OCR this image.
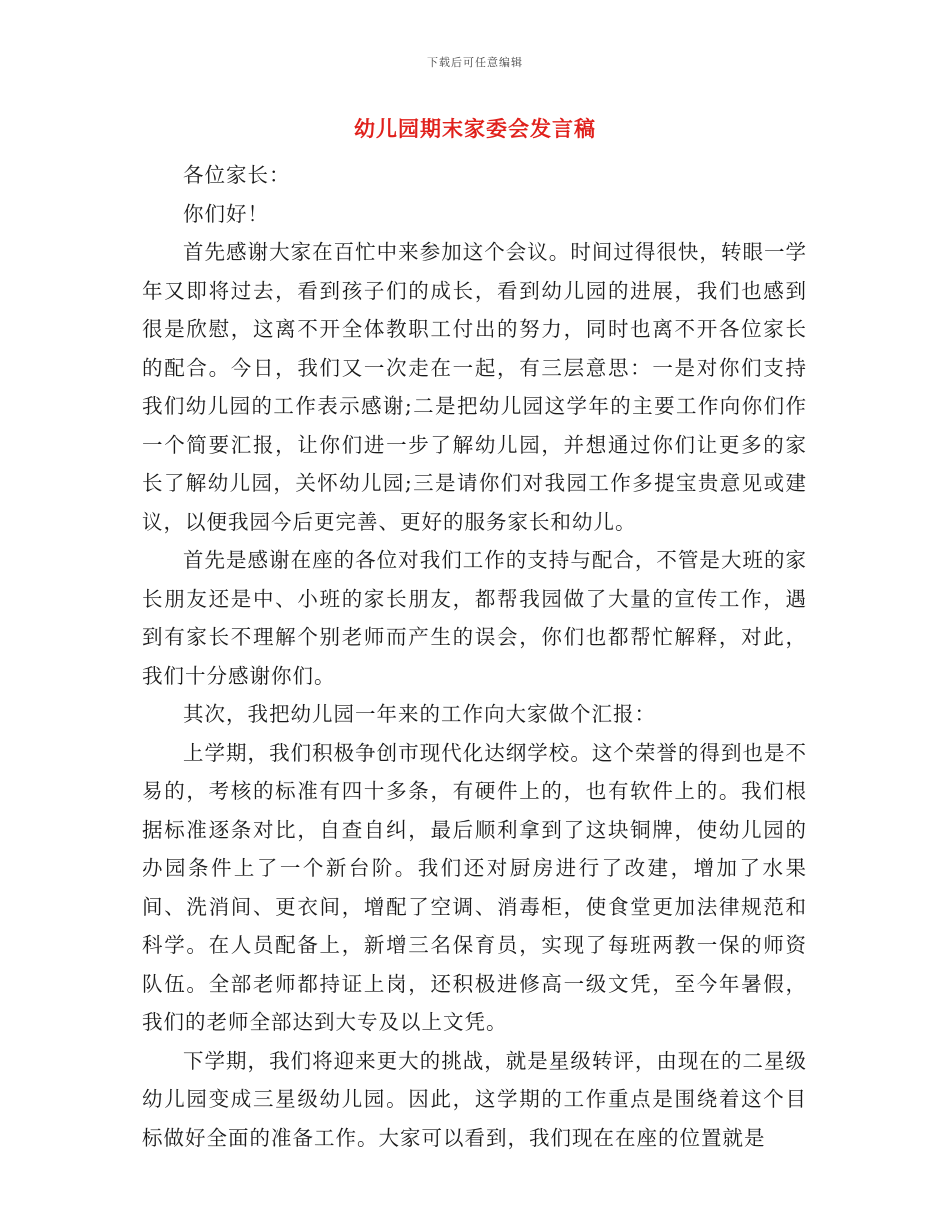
下载后可任意编辑
幼儿园期末家委会发言稿

各位家长：

你们好！

首先感谢大家在百忙中来参加这个会议。时间过得很快，转眼一学年又即将过去，看到孩子们的成长，看到幼儿园的进展，我们也感到很是欣慰，这离不开全体教职工付出的努力，同时也离不开各位家长的配合。今日，我们又一次走在一起，有三层意思：一是对你们支持我们幼儿园的工作表示感谢;二是把幼儿园这学年的主要工作向你们作一个简要汇报，让你们进一步了解幼儿园，并想通过你们让更多的家长了解幼儿园，关怀幼儿园;三是请你们对我园工作多提宝贵意见或建议，以便我园今后更完善、更好的服务家长和幼儿。

首先是感谢在座的各位对我们工作的支持与配合，不管是大班的家长朋友还是中、小班的家长朋友，都帮我园做了大量的宣传工作，遇到有家长不理解个别老师而产生的误会，你们也都帮忙解释，对此，我们十分感谢你们。

其次，我把幼儿园一年来的工作向大家做个汇报：

上学期，我们积极争创市现代化达纲学校。这个荣誉的得到也是不易的，考核的标准有四十多条，有硬件上的，也有软件上的。我们根据标准逐条对比，自查自纠，最后顺利拿到了这块铜牌，使幼儿园的办园条件上了一个新台阶。我们还对厨房进行了改建，增加了水果间、洗消间、更衣间，增配了空调、消毒柜，使食堂更加法律规范和科学。在人员配备上，新增三名保育员，实现了每班两教一保的师资队伍。全部老师都持证上岗，还积极进修高一级文凭，至今年暑假，我们的老师全部达到大专及以上文凭。

下学期，我们将迎来更大的挑战，就是星级转评，由现在的二星级幼儿园变成三星级幼儿园。因此，这学期的工作重点是围绕着这个目标做好全面的准备工作。大家可以看到，我们现在在座的位置就是
